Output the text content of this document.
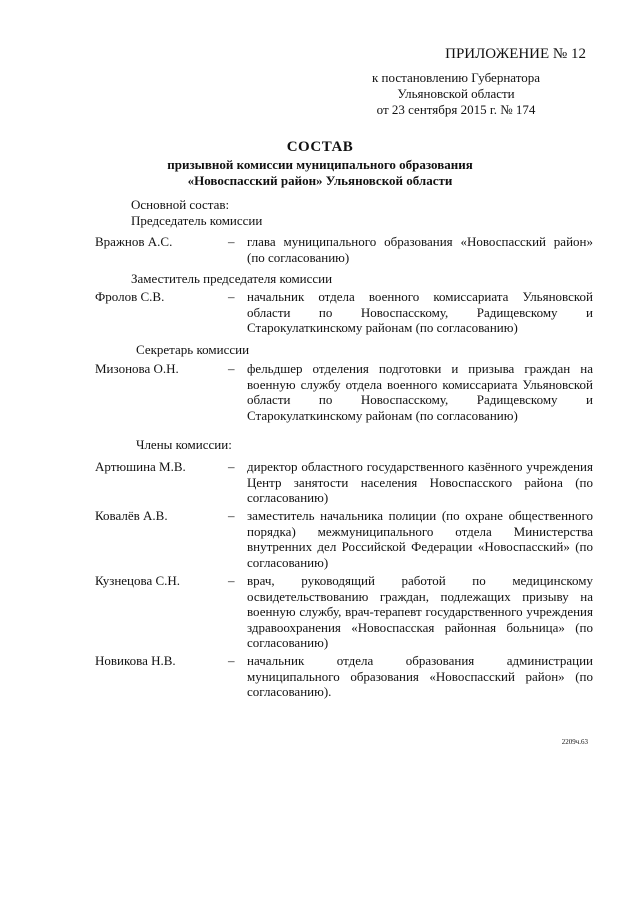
ПРИЛОЖЕНИЕ № 12
к постановлению Губернатора
Ульяновской области
от 23 сентября 2015 г. № 174
СОСТАВ
призывной комиссии муниципального образования
«Новоспасский район» Ульяновской области
Основной состав:
Председатель комиссии
Вражнов А.С.	– глава муниципального образования «Новоспасский район» (по согласованию)
Заместитель председателя комиссии
Фролов С.В.	– начальник отдела военного комиссариата Ульяновской области по Новоспасскому, Радищевскому и Старокулаткинскому районам (по согласованию)
Секретарь комиссии
Мизонова О.Н.	– фельдшер отделения подготовки и призыва граждан на военную службу отдела военного комиссариата Ульяновской области по Новоспасскому, Радищевскому и Старокулаткинскому районам (по согласованию)
Члены комиссии:
Артюшина М.В.	– директор областного государственного казённого учреждения Центр занятости населения Новоспасского района (по согласованию)
Ковалёв А.В.	– заместитель начальника полиции (по охране общественного порядка) межмуниципального отдела Министерства внутренних дел Российской Федерации «Новоспасский» (по согласованию)
Кузнецова С.Н.	– врач, руководящий работой по медицинскому освидетельствованию граждан, подлежащих призыву на военную службу, врач-терапевт государственного учреждения здравоохранения «Новоспасская районная больница» (по согласованию)
Новикова Н.В.	– начальник отдела образования администрации муниципального образования «Новоспасский район» (по согласованию).
2209ч.63
